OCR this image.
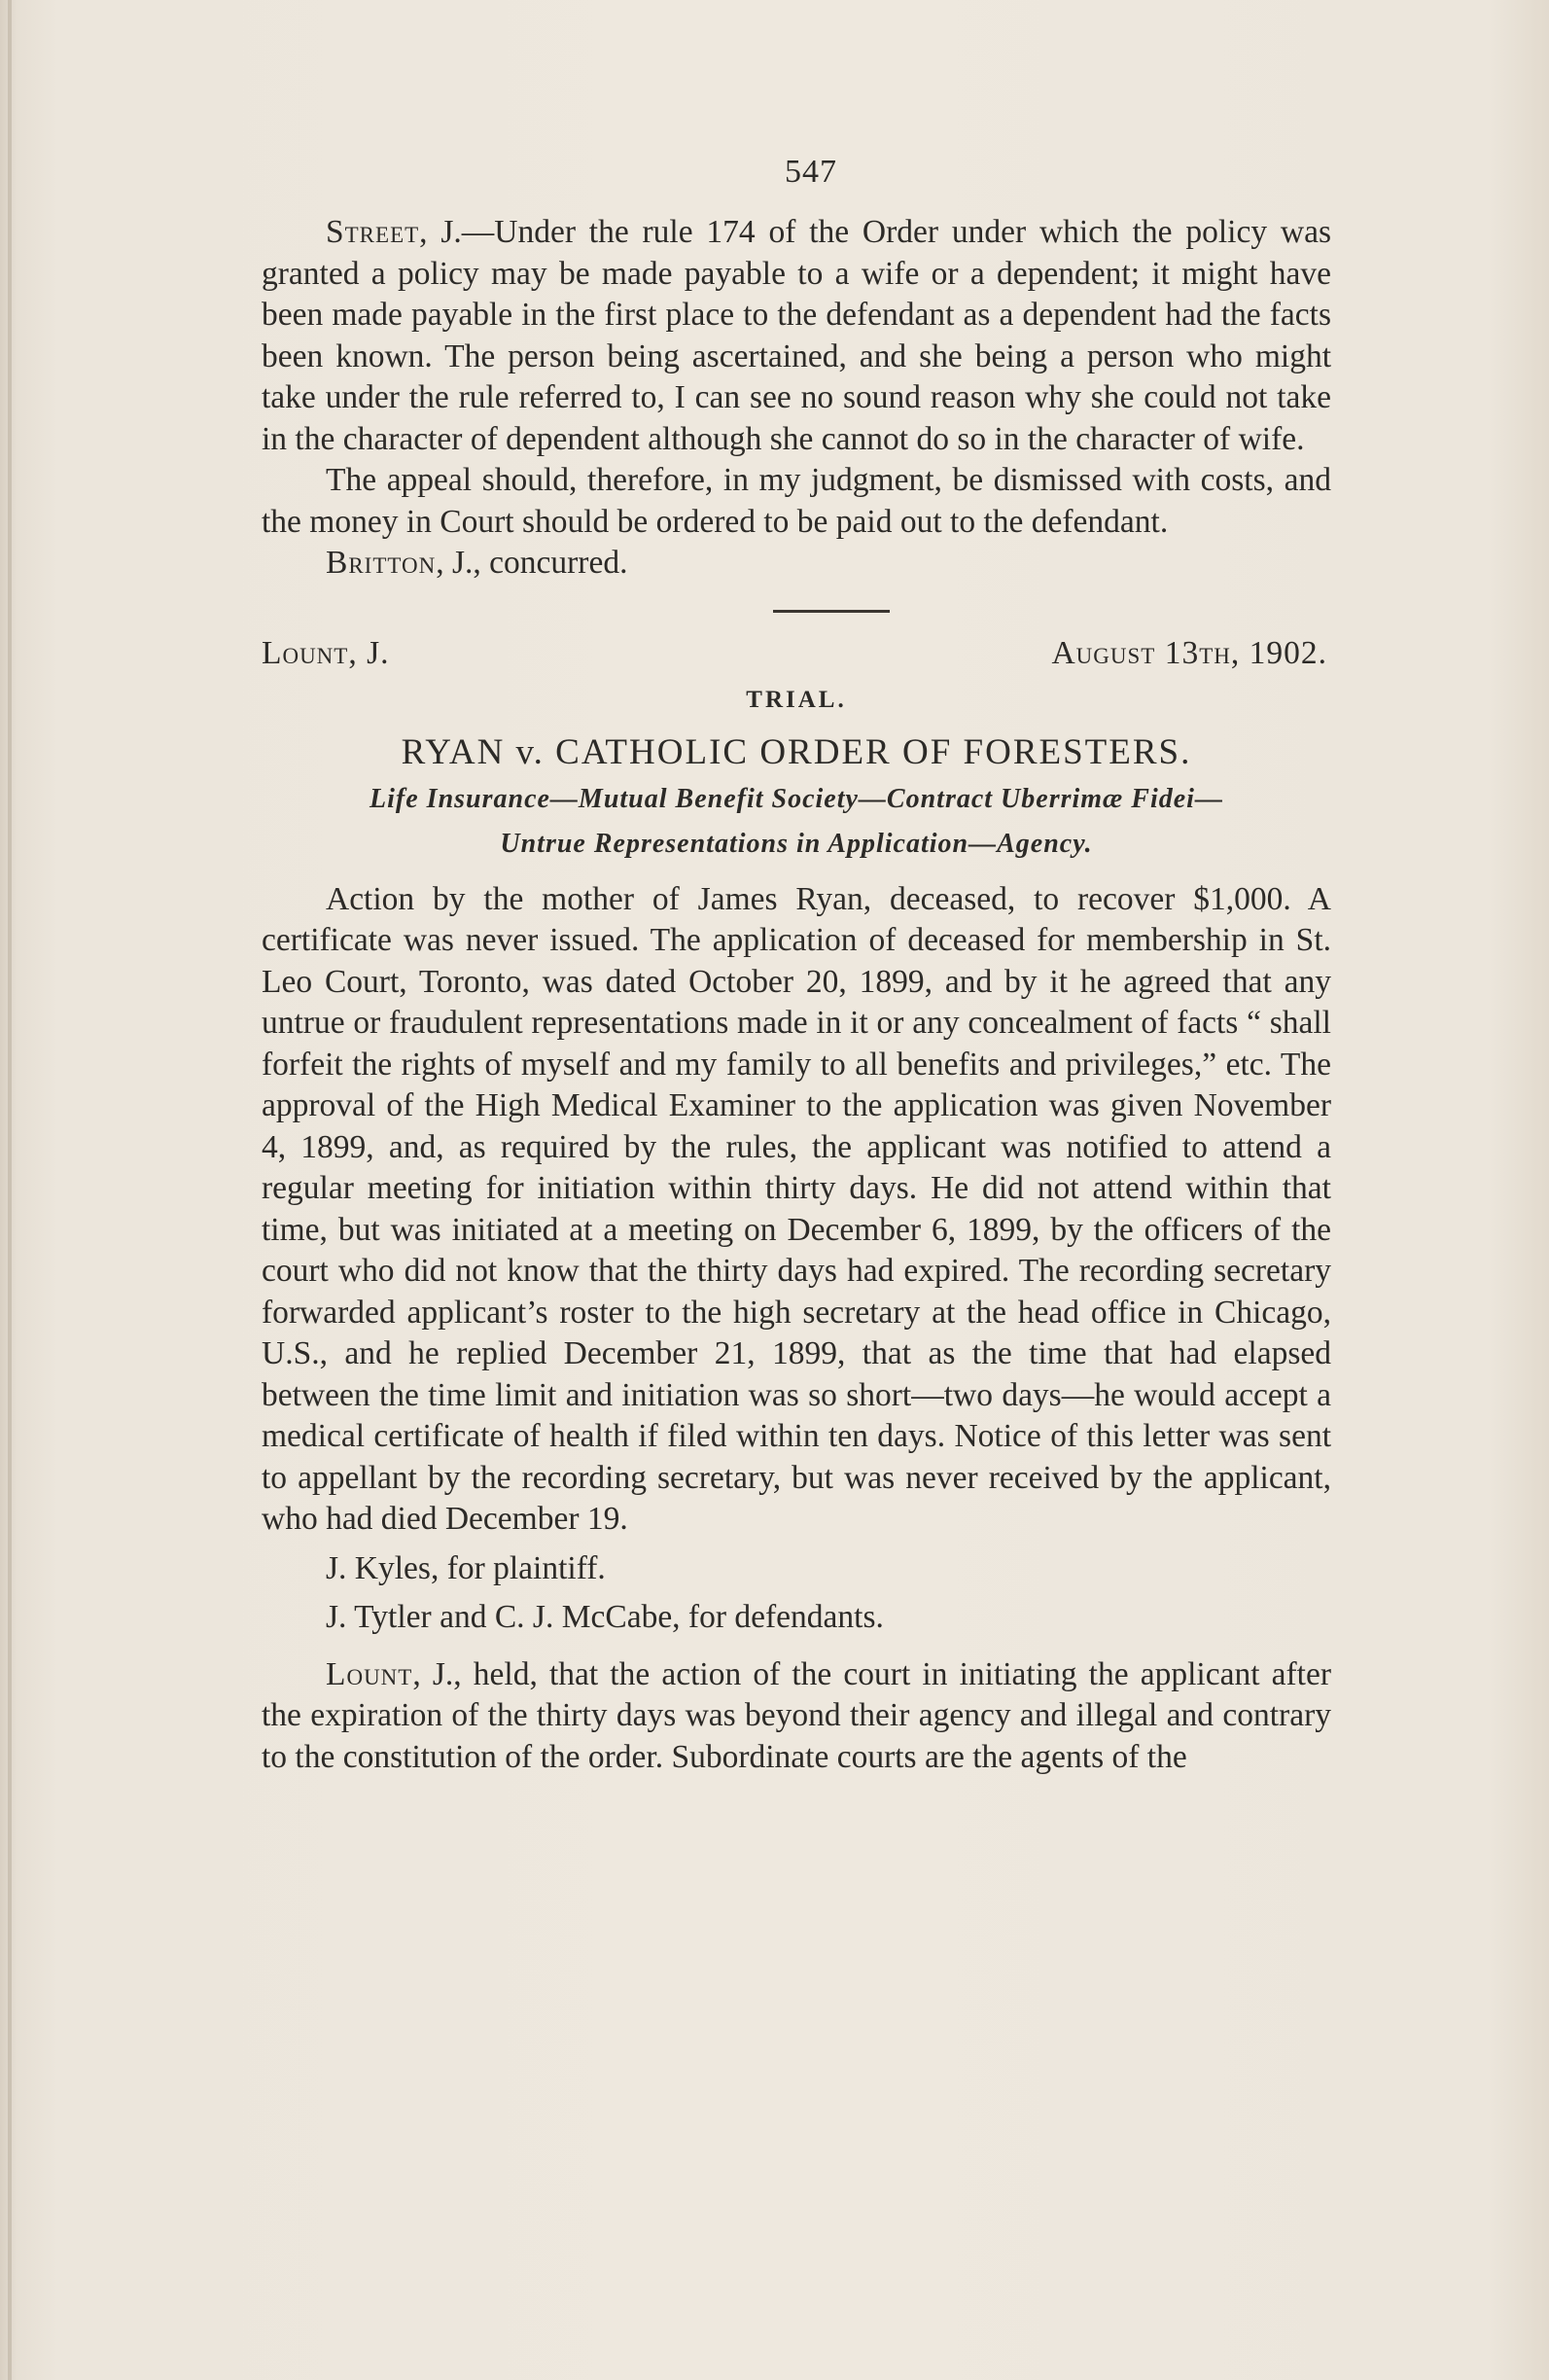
547

Street, J.—Under the rule 174 of the Order under which the policy was granted a policy may be made payable to a wife or a dependent; it might have been made payable in the first place to the defendant as a dependent had the facts been known. The person being ascertained, and she being a person who might take under the rule referred to, I can see no sound reason why she could not take in the character of dependent although she cannot do so in the character of wife.

The appeal should, therefore, in my judgment, be dismissed with costs, and the money in Court should be ordered to be paid out to the defendant.

Britton, J., concurred.

Lount, J.	August 13th, 1902.
TRIAL.
RYAN v. CATHOLIC ORDER OF FORESTERS.
Life Insurance—Mutual Benefit Society—Contract Uberrimæ Fidei—
Untrue Representations in Application—Agency.

Action by the mother of James Ryan, deceased, to recover $1,000. A certificate was never issued. The application of deceased for membership in St. Leo Court, Toronto, was dated October 20, 1899, and by it he agreed that any untrue or fraudulent representations made in it or any concealment of facts “ shall forfeit the rights of myself and my family to all benefits and privileges,” etc. The approval of the High Medical Examiner to the application was given November 4, 1899, and, as required by the rules, the applicant was notified to attend a regular meeting for initiation within thirty days. He did not attend within that time, but was initiated at a meeting on December 6, 1899, by the officers of the court who did not know that the thirty days had expired. The recording secretary forwarded applicant’s roster to the high secretary at the head office in Chicago, U.S., and he replied December 21, 1899, that as the time that had elapsed between the time limit and initiation was so short—two days—he would accept a medical certificate of health if filed within ten days. Notice of this letter was sent to appellant by the recording secretary, but was never received by the applicant, who had died December 19.

J. Kyles, for plaintiff.
J. Tytler and C. J. McCabe, for defendants.

Lount, J., held, that the action of the court in initiating the applicant after the expiration of the thirty days was beyond their agency and illegal and contrary to the constitution of the order. Subordinate courts are the agents of the
